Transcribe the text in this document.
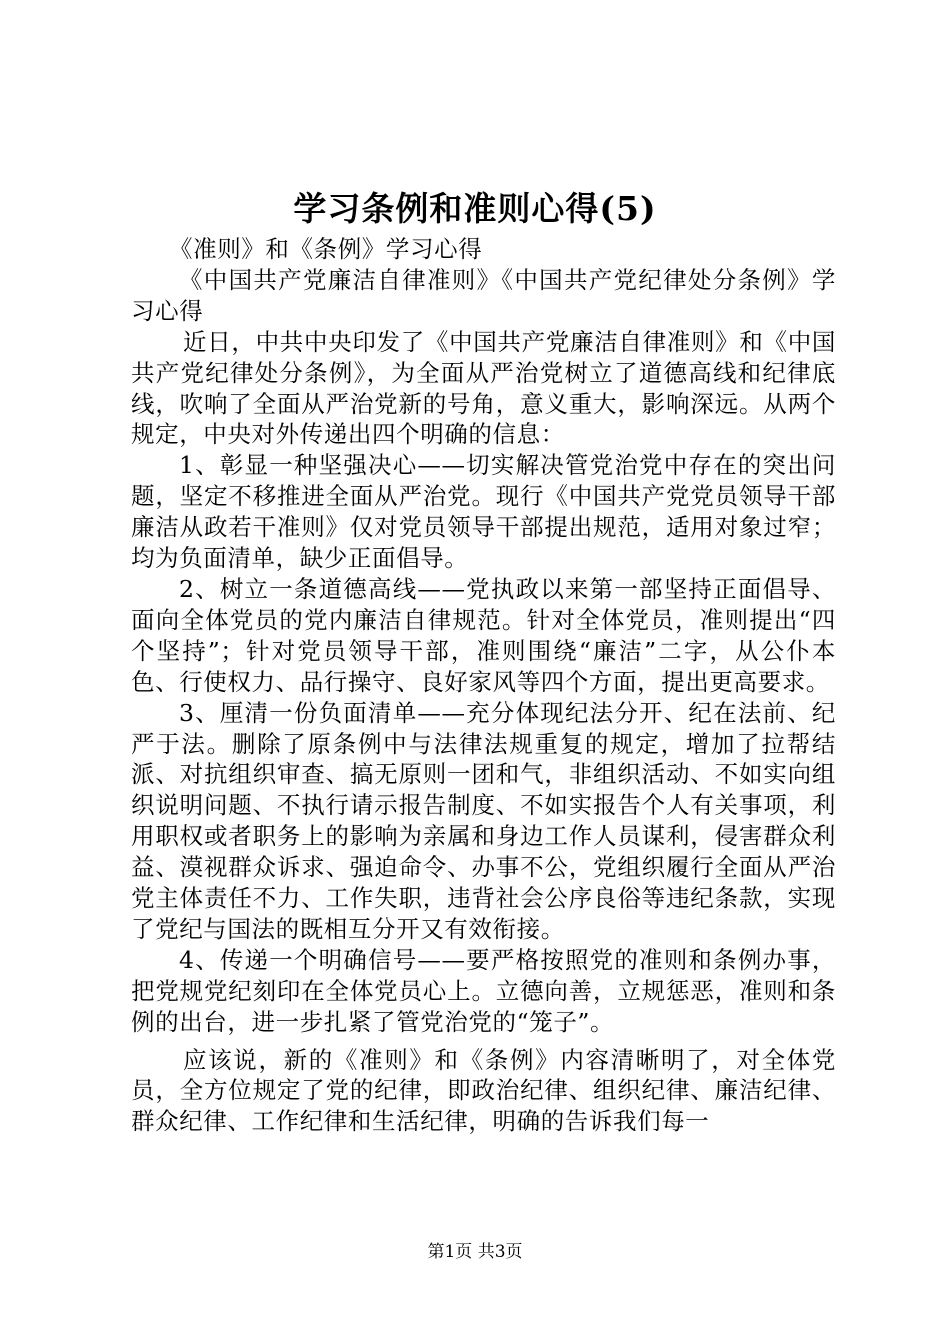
学习条例和准则心得(5)

《准则》和《条例》学习心得

《中国共产党廉洁自律准则》《中国共产党纪律处分条例》学习心得

近日，中共中央印发了《中国共产党廉洁自律准则》和《中国共产党纪律处分条例》，为全面从严治党树立了道德高线和纪律底线，吹响了全面从严治党新的号角，意义重大，影响深远。从两个规定，中央对外传递出四个明确的信息：

1、彰显一种坚强决心——切实解决管党治党中存在的突出问题，坚定不移推进全面从严治党。现行《中国共产党党员领导干部廉洁从政若干准则》仅对党员领导干部提出规范，适用对象过窄；均为负面清单，缺少正面倡导。

2、树立一条道德高线——党执政以来第一部坚持正面倡导、面向全体党员的党内廉洁自律规范。针对全体党员，准则提出“四个坚持”；针对党员领导干部，准则围绕“廉洁”二字，从公仆本色、行使权力、品行操守、良好家风等四个方面，提出更高要求。

3、厘清一份负面清单——充分体现纪法分开、纪在法前、纪严于法。删除了原条例中与法律法规重复的规定，增加了拉帮结派、对抗组织审查、搞无原则一团和气，非组织活动、不如实向组织说明问题、不执行请示报告制度、不如实报告个人有关事项，利用职权或者职务上的影响为亲属和身边工作人员谋利，侵害群众利益、漠视群众诉求、强迫命令、办事不公，党组织履行全面从严治党主体责任不力、工作失职，违背社会公序良俗等违纪条款，实现了党纪与国法的既相互分开又有效衔接。

4、传递一个明确信号——要严格按照党的准则和条例办事，把党规党纪刻印在全体党员心上。立德向善，立规惩恶，准则和条例的出台，进一步扎紧了管党治党的“笼子”。

应该说，新的《准则》和《条例》内容清晰明了，对全体党员，全方位规定了党的纪律，即政治纪律、组织纪律、廉洁纪律、群众纪律、工作纪律和生活纪律，明确的告诉我们每一

第1页 共3页
